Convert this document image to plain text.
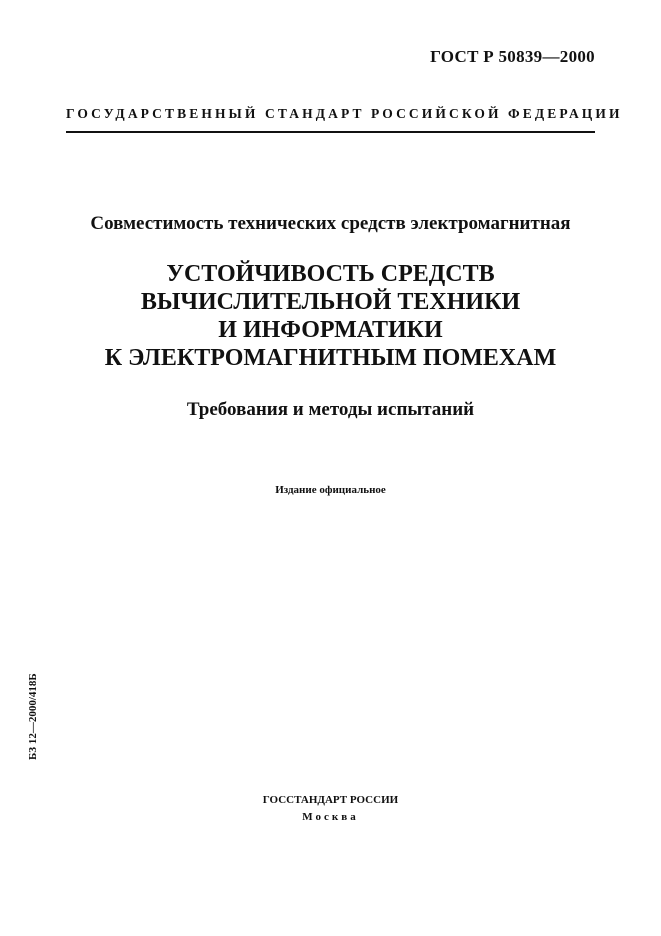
ГОСТ Р 50839—2000
ГОСУДАРСТВЕННЫЙ СТАНДАРТ РОССИЙСКОЙ ФЕДЕРАЦИИ
Совместимость технических средств электромагнитная
УСТОЙЧИВОСТЬ СРЕДСТВ
ВЫЧИСЛИТЕЛЬНОЙ ТЕХНИКИ
И ИНФОРМАТИКИ
К ЭЛЕКТРОМАГНИТНЫМ ПОМЕХАМ
Требования и методы испытаний
Издание официальное
БЗ 12—2000/418Б
ГОССТАНДАРТ РОССИИ
Москва
